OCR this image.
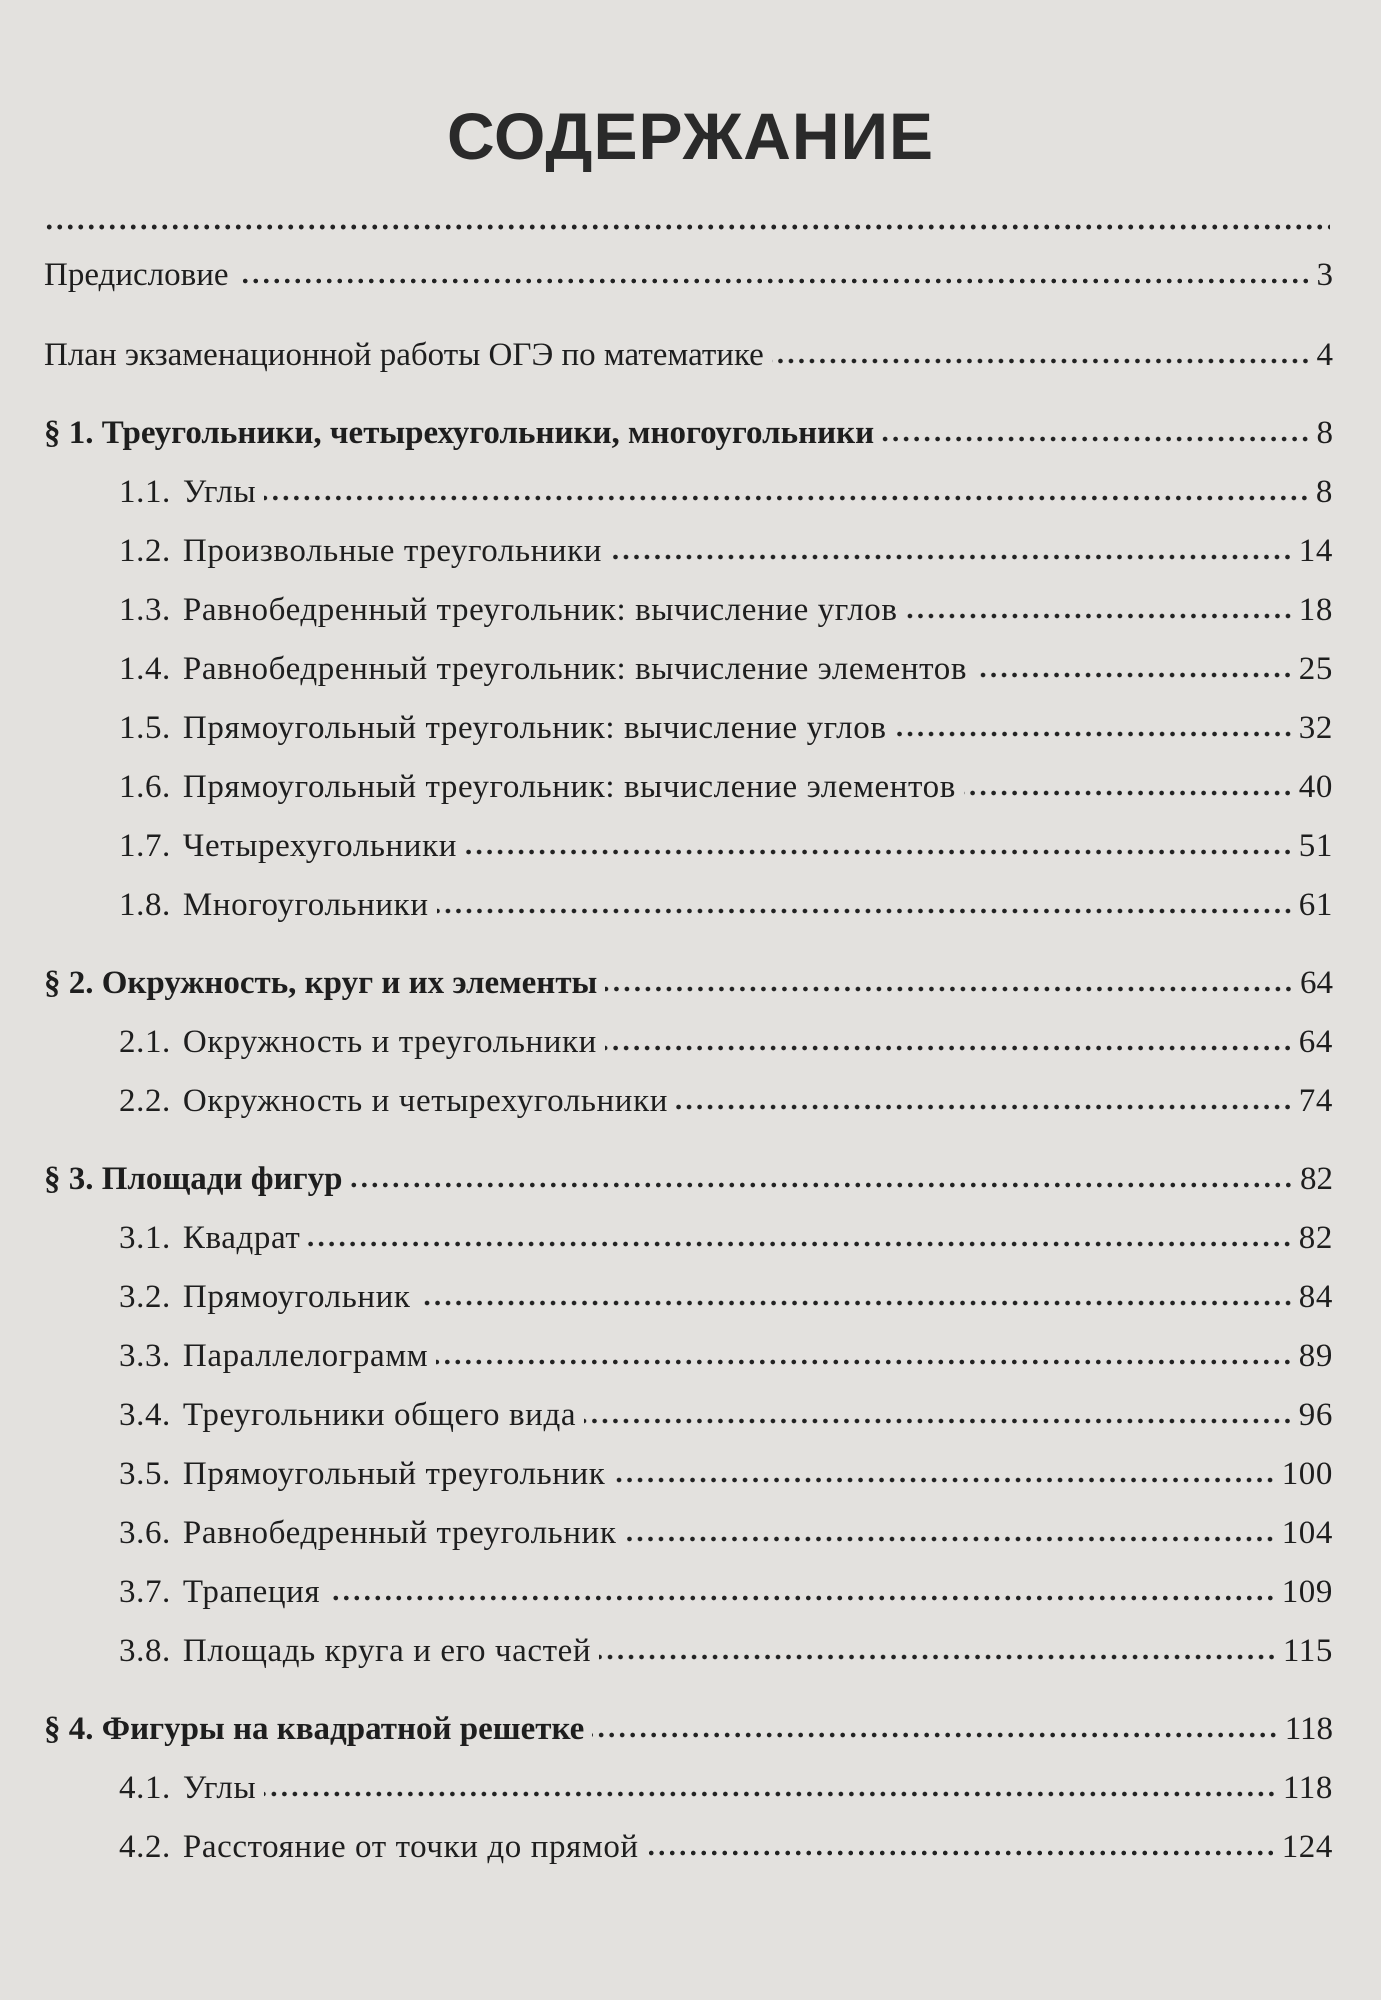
СОДЕРЖАНИЕ
Предисловие	3
План экзаменационной работы ОГЭ по математике	4
§ 1. Треугольники, четырехугольники, многоугольники	8
1.1. Углы	8
1.2. Произвольные треугольники	14
1.3. Равнобедренный треугольник: вычисление углов	18
1.4. Равнобедренный треугольник: вычисление элементов	25
1.5. Прямоугольный треугольник: вычисление углов	32
1.6. Прямоугольный треугольник: вычисление элементов	40
1.7. Четырехугольники	51
1.8. Многоугольники	61
§ 2. Окружность, круг и их элементы	64
2.1. Окружность и треугольники	64
2.2. Окружность и четырехугольники	74
§ 3. Площади фигур	82
3.1. Квадрат	82
3.2. Прямоугольник	84
3.3. Параллелограмм	89
3.4. Треугольники общего вида	96
3.5. Прямоугольный треугольник	100
3.6. Равнобедренный треугольник	104
3.7. Трапеция	109
3.8. Площадь круга и его частей	115
§ 4. Фигуры на квадратной решетке	118
4.1. Углы	118
4.2. Расстояние от точки до прямой	124
